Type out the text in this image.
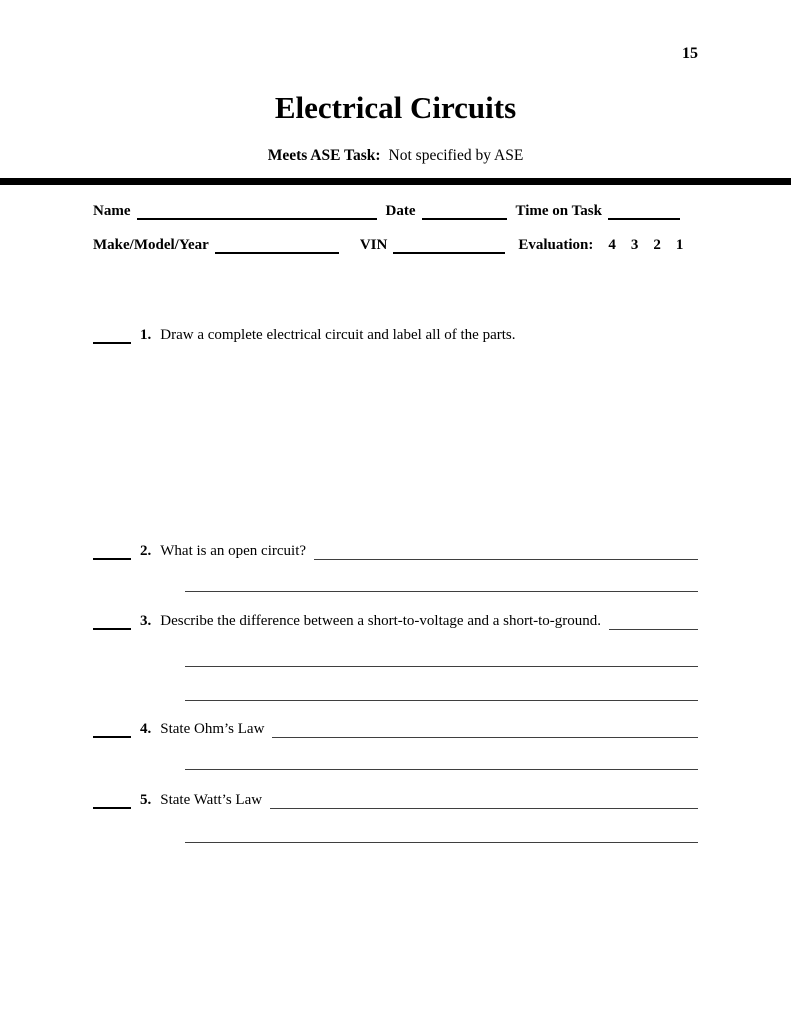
15
Electrical Circuits
Meets ASE Task: Not specified by ASE
Name	Date	Time on Task
Make/Model/Year	VIN	Evaluation: 4 3 2 1
1. Draw a complete electrical circuit and label all of the parts.
2. What is an open circuit?
3. Describe the difference between a short-to-voltage and a short-to-ground.
4. State Ohm’s Law
5. State Watt’s Law
